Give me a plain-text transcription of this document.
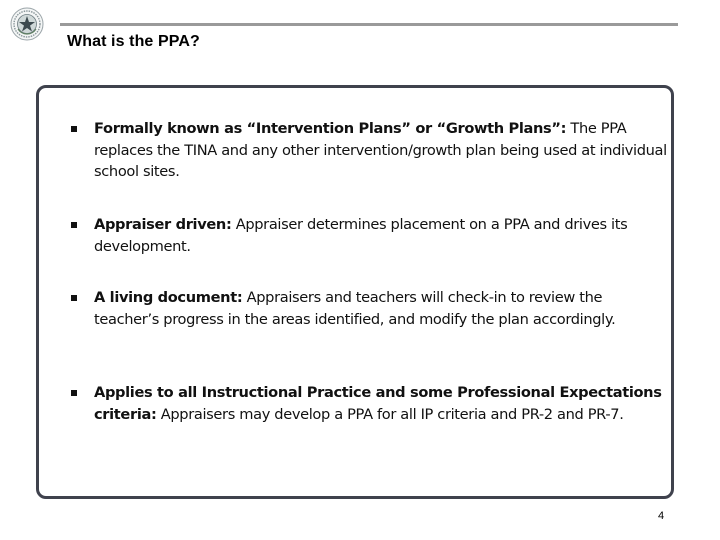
What is the PPA?
Formally known as “Intervention Plans” or “Growth Plans”: The PPA replaces the TINA and any other intervention/growth plan being used at individual school sites.
Appraiser driven: Appraiser determines placement on a PPA and drives its development.
A living document: Appraisers and teachers will check-in to review the teacher’s progress in the areas identified, and modify the plan accordingly.
Applies to all Instructional Practice and some Professional Expectations criteria: Appraisers may develop a PPA for all IP criteria and PR-2 and PR-7.
4
